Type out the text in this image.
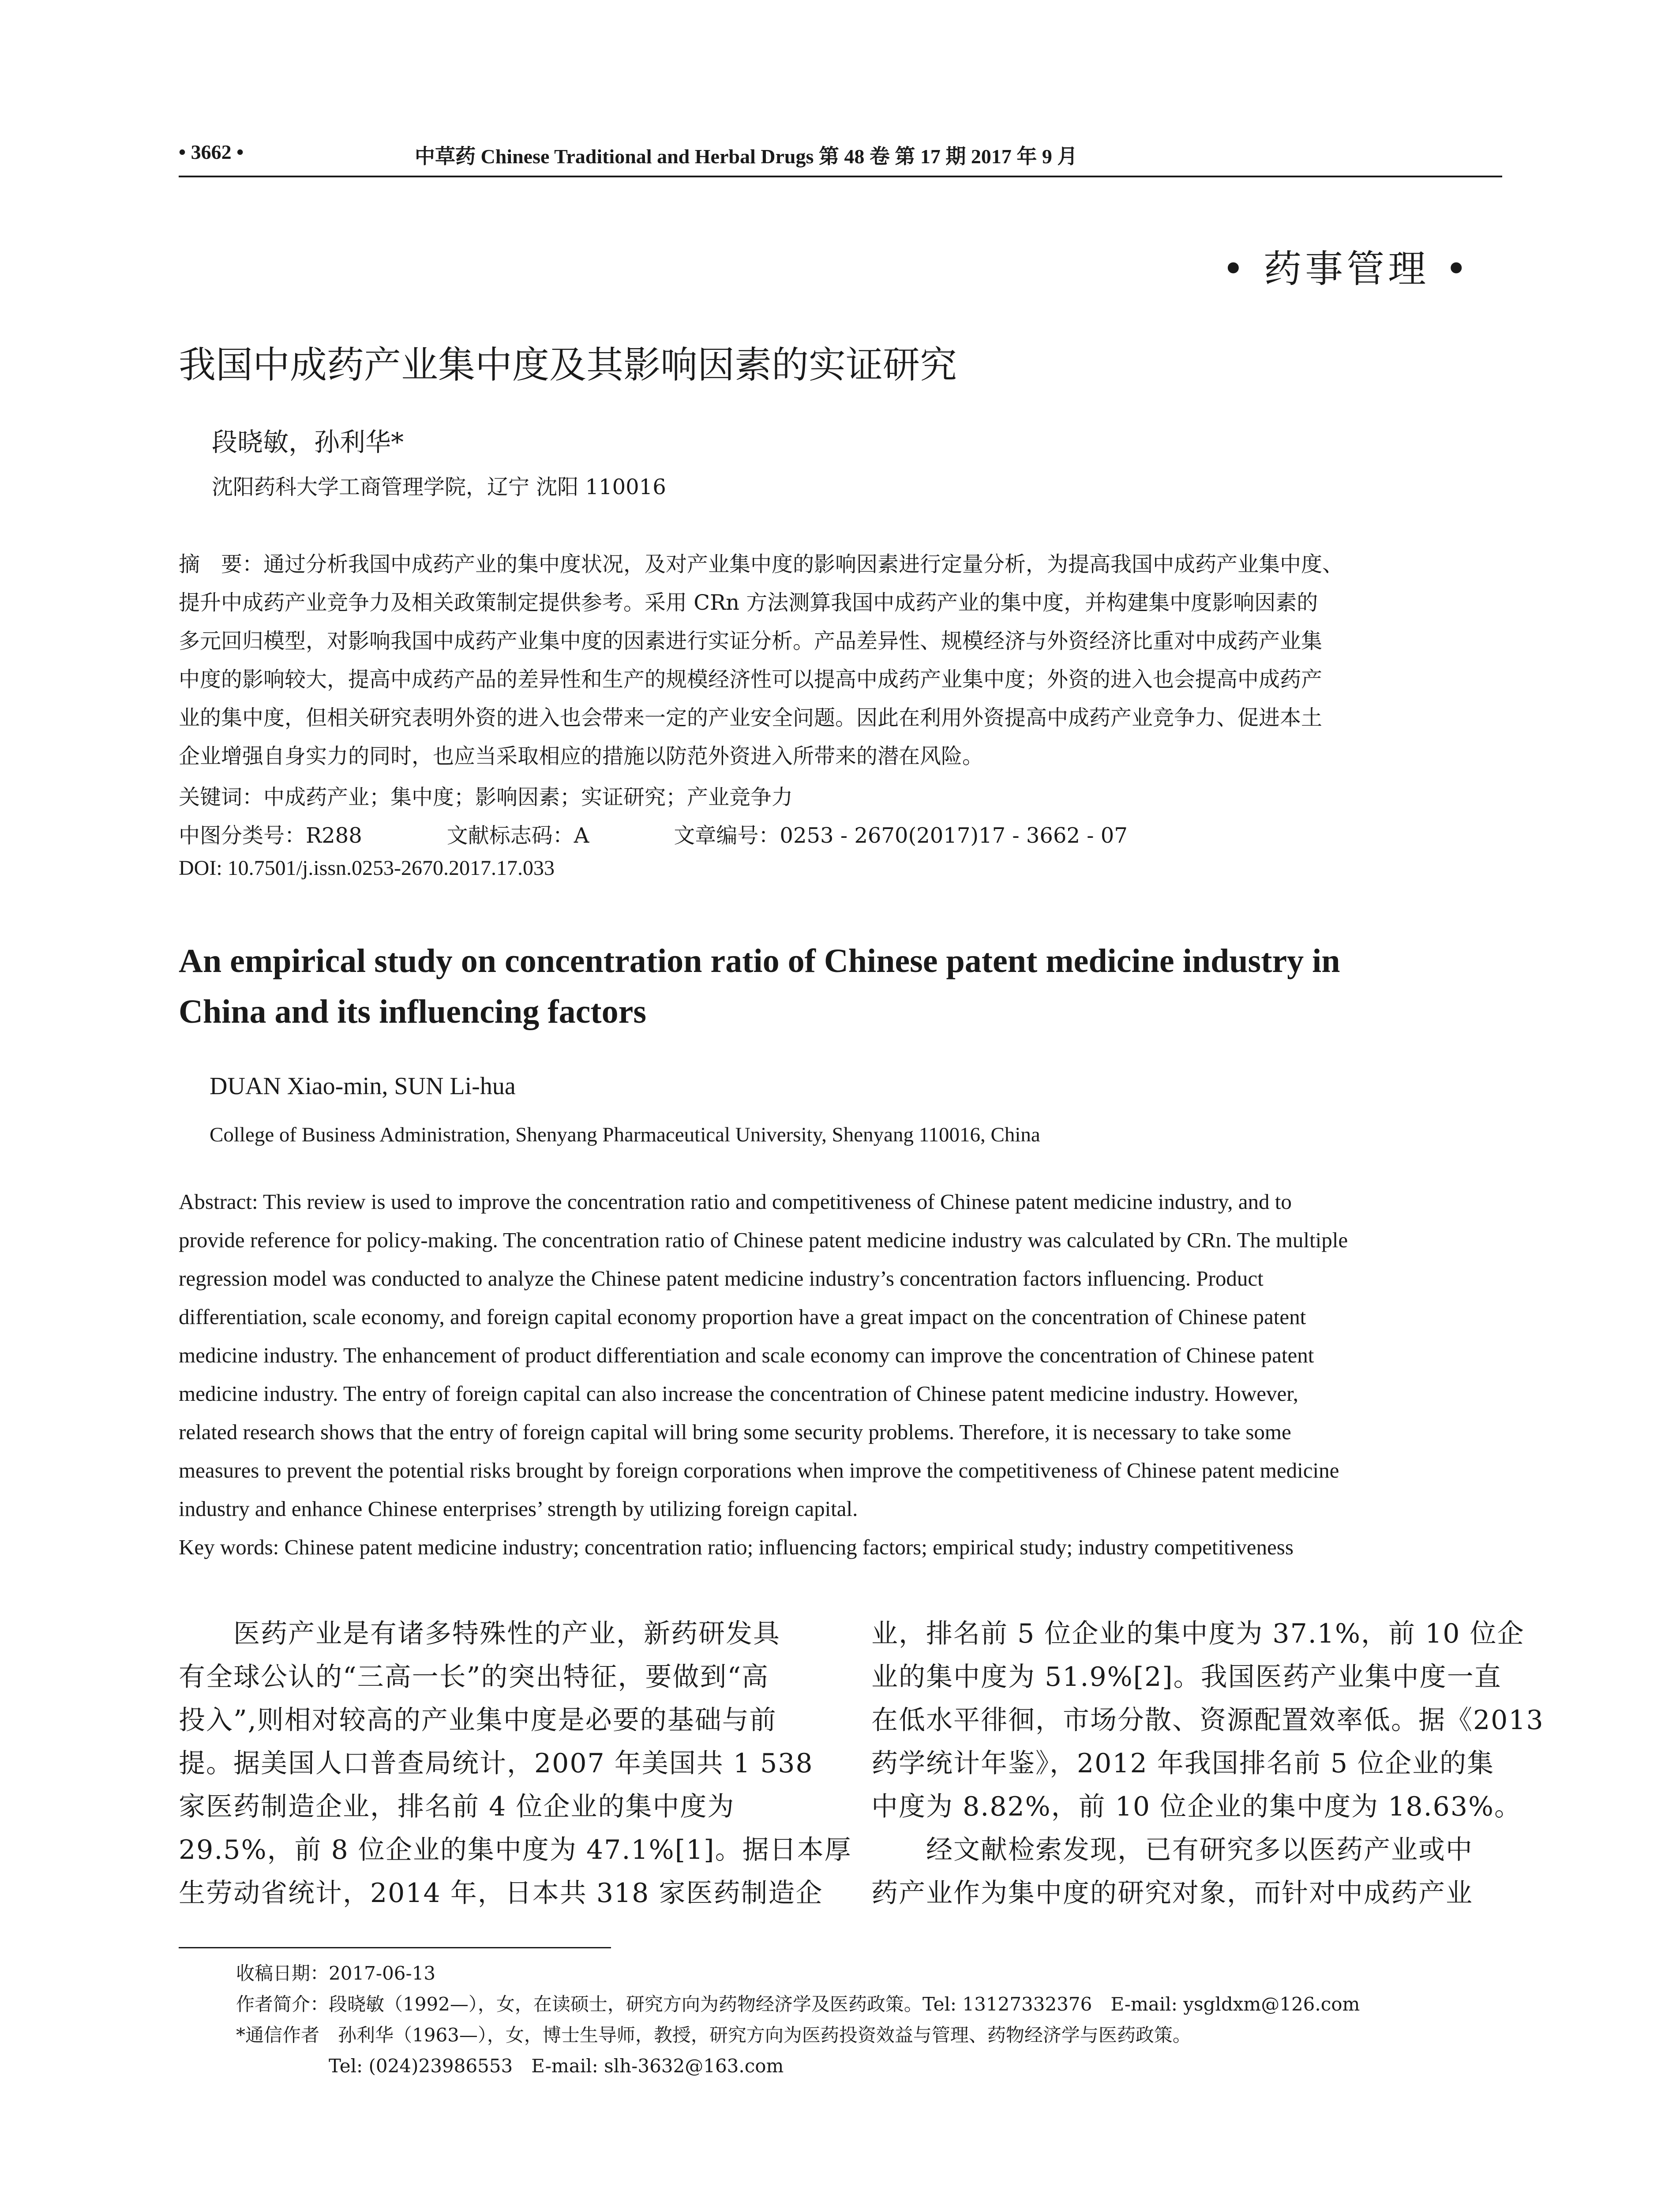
• 3662 •	中草药 Chinese Traditional and Herbal Drugs 第 48 卷 第 17 期 2017 年 9 月
• 药事管理 •
我国中成药产业集中度及其影响因素的实证研究
段晓敏，孙利华*
沈阳药科大学工商管理学院，辽宁 沈阳 110016
摘　要：通过分析我国中成药产业的集中度状况，及对产业集中度的影响因素进行定量分析，为提高我国中成药产业集中度、
提升中成药产业竞争力及相关政策制定提供参考。采用 CRn 方法测算我国中成药产业的集中度，并构建集中度影响因素的
多元回归模型，对影响我国中成药产业集中度的因素进行实证分析。产品差异性、规模经济与外资经济比重对中成药产业集
中度的影响较大，提高中成药产品的差异性和生产的规模经济性可以提高中成药产业集中度；外资的进入也会提高中成药产
业的集中度，但相关研究表明外资的进入也会带来一定的产业安全问题。因此在利用外资提高中成药产业竞争力、促进本土
企业增强自身实力的同时，也应当采取相应的措施以防范外资进入所带来的潜在风险。
关键词：中成药产业；集中度；影响因素；实证研究；产业竞争力
中图分类号：R288　　　　文献标志码：A　　　　文章编号：0253 - 2670(2017)17 - 3662 - 07
DOI: 10.7501/j.issn.0253-2670.2017.17.033
An empirical study on concentration ratio of Chinese patent medicine industry in
China and its influencing factors
DUAN Xiao-min, SUN Li-hua
College of Business Administration, Shenyang Pharmaceutical University, Shenyang 110016, China
Abstract: This review is used to improve the concentration ratio and competitiveness of Chinese patent medicine industry, and to
provide reference for policy-making. The concentration ratio of Chinese patent medicine industry was calculated by CRn. The multiple
regression model was conducted to analyze the Chinese patent medicine industry’s concentration factors influencing. Product
differentiation, scale economy, and foreign capital economy proportion have a great impact on the concentration of Chinese patent
medicine industry. The enhancement of product differentiation and scale economy can improve the concentration of Chinese patent
medicine industry. The entry of foreign capital can also increase the concentration of Chinese patent medicine industry. However,
related research shows that the entry of foreign capital will bring some security problems. Therefore, it is necessary to take some
measures to prevent the potential risks brought by foreign corporations when improve the competitiveness of Chinese patent medicine
industry and enhance Chinese enterprises’ strength by utilizing foreign capital.
Key words: Chinese patent medicine industry; concentration ratio; influencing factors; empirical study; industry competitiveness
　　医药产业是有诸多特殊性的产业，新药研发具
有全球公认的“三高一长”的突出特征，要做到“高
投入”,则相对较高的产业集中度是必要的基础与前
提。据美国人口普查局统计，2007 年美国共 1 538
家医药制造企业，排名前 4 位企业的集中度为
29.5%，前 8 位企业的集中度为 47.1%[1]。据日本厚
生劳动省统计，2014 年，日本共 318 家医药制造企
业，排名前 5 位企业的集中度为 37.1%，前 10 位企
业的集中度为 51.9%[2]。我国医药产业集中度一直
在低水平徘徊，市场分散、资源配置效率低。据《2013
药学统计年鉴》，2012 年我国排名前 5 位企业的集
中度为 8.82%，前 10 位企业的集中度为 18.63%。
　　经文献检索发现，已有研究多以医药产业或中
药产业作为集中度的研究对象，而针对中成药产业
收稿日期：2017-06-13
作者简介：段晓敏（1992—），女，在读硕士，研究方向为药物经济学及医药政策。Tel: 13127332376　E-mail: ysgldxm@126.com
*通信作者　孙利华（1963—），女，博士生导师，教授，研究方向为医药投资效益与管理、药物经济学与医药政策。
　　　　　Tel: (024)23986553　E-mail: slh-3632@163.com
